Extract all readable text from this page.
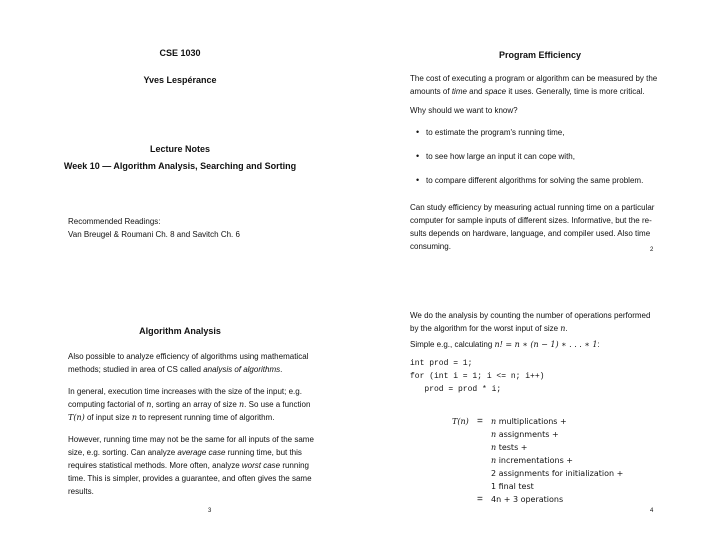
CSE 1030
Yves Lespérance
Lecture Notes
Week 10 — Algorithm Analysis, Searching and Sorting
Recommended Readings:
Van Breugel & Roumani Ch. 8 and Savitch Ch. 6
Program Efficiency
The cost of executing a program or algorithm can be measured by the
amounts of time and space it uses. Generally, time is more critical.
Why should we want to know?
• to estimate the program's running time,
• to see how large an input it can cope with,
• to compare different algorithms for solving the same problem.
Can study efficiency by measuring actual running time on a particular
computer for sample inputs of different sizes. Informative, but the re-
sults depends on hardware, language, and compiler used. Also time
consuming.	2
Algorithm Analysis
Also possible to analyze efficiency of algorithms using mathematical
methods; studied in area of CS called analysis of algorithms.
In general, execution time increases with the size of the input; e.g.
computing factorial of n, sorting an array of size n. So use a function
T(n) of input size n to represent running time of algorithm.
However, running time may not be the same for all inputs of the same
size, e.g. sorting. Can analyze average case running time, but this
requires statistical methods. More often, analyze worst case running
time. This is simpler, provides a guarantee, and often gives the same
results.
3
We do the analysis by counting the number of operations performed
by the algorithm for the worst input of size n.
Simple e.g., calculating n! = n ∗ (n − 1) ∗ . . . ∗ 1:
int prod = 1;
for (int i = 1; i <= n; i++)
prod = prod * i;
T(n) = n multiplications +
n assignments +
n tests +
n incrementations +
2 assignments for initialization +
1 final test
= 4n + 3 operations
4
